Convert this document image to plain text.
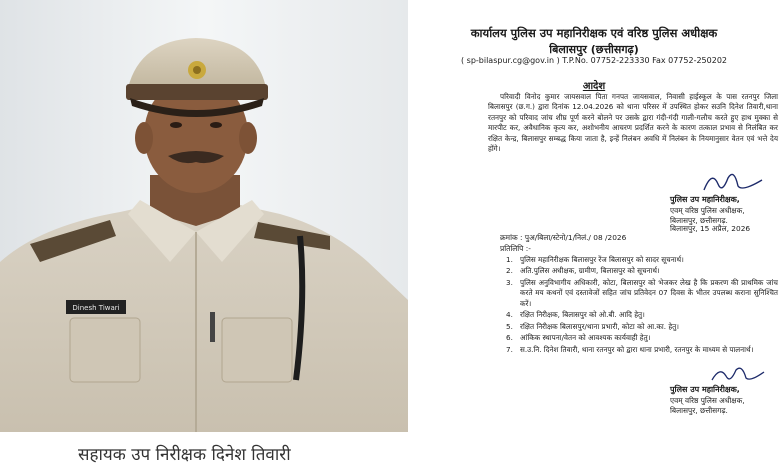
Dinesh Tiwari
सहायक उप निरीक्षक दिनेश तिवारी
कार्यालय पुलिस उप महानिरीक्षक एवं वरिष्ठ पुलिस अधीक्षक
बिलासपुर (छत्तीसगढ़)
( sp-bilaspur.cg@gov.in ) T.P.No. 07752-223330 Fax 07752-250202
आदेश
परिवादी विनोद कुमार जायसवाल पिता गनपत जायसवाल, निवासी हाईस्कूल के पास रतनपुर जिला बिलासपुर (छ.ग.) द्वारा दिनांक 12.04.2026 को थाना परिसर में उपस्थित होकर सउनि दिनेश तिवारी,थाना रतनपुर को परिवाद जांच शीघ्र पूर्ण करने बोलने पर उसके द्वारा गंदी-गंदी गाली-गलौच करते हुए हाथ मुक्का से मारपीट कर, अवैधानिक कृत्य कर, अशोभनीय आचरण प्रदर्शित करने के कारण तत्काल प्रभाव से निलंबित कर रक्षित केन्द्र, बिलासपुर सम्बद्ध किया जाता है, इन्हें निलंबन अवधि में निलंबन के नियमानुसार वेतन एवं भत्ते देय होंगे।
पुलिस उप महानिरीक्षक,
एवम् वरिष्ठ पुलिस अधीक्षक,
बिलासपुर, छत्तीसगढ़.
क्रमांक : पुअ/बिला/स्टेनो/1/निलं./ 08 /2026
बिलासपुर, 15 अप्रैल, 2026
प्रतिलिपि :-
1. पुलिस महानिरीक्षक बिलासपुर रेंज बिलासपुर को सादर सूचनार्थ।
2. अति.पुलिस अधीक्षक, ग्रामीण, बिलासपुर को सूचनार्थ।
3. पुलिस अनुविभागीय अधिकारी, कोटा, बिलासपुर को भेजकर लेख है कि प्रकरण की प्राथमिक जांच करते मय कथनों एवं दस्तावेजों सहित जांच प्रतिवेदन 07 दिवस के भीतर उपलब्ध कराना सुनिश्चित करें।
4. रक्षित निरीक्षक, बिलासपुर को ओ.बी. आदि हेतु।
5. रक्षित निरीक्षक बिलासपुर/थाना प्रभारी, कोटा को आ.का. हेतु।
6. आंकिक स्थापना/वेतन को आवश्यक कार्यवाही हेतु।
7. स.उ.नि. दिनेश तिवारी, थाना रतनपुर को द्वारा थाना प्रभारी, रतनपुर के माध्यम से पालनार्थ।
पुलिस उप महानिरीक्षक,
एवम् वरिष्ठ पुलिस अधीक्षक,
बिलासपुर, छत्तीसगढ़.
